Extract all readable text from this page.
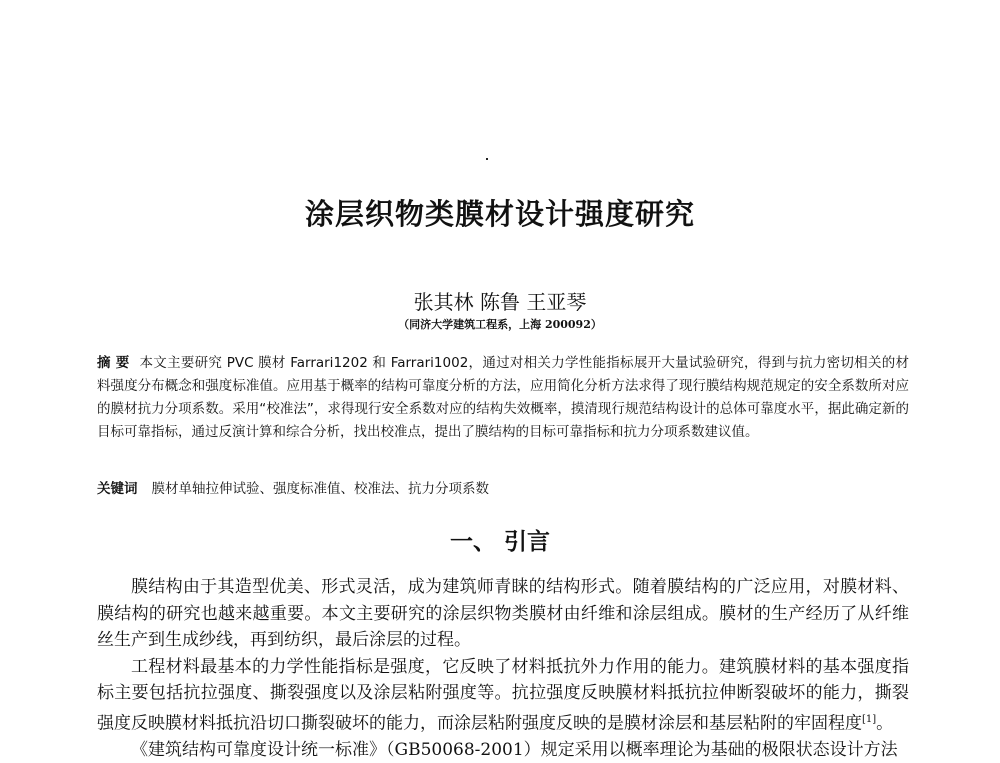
涂层织物类膜材设计强度研究
张其林 陈鲁 王亚琴
（同济大学建筑工程系，上海 200092）
摘 要 本文主要研究 PVC 膜材 Farrari1202 和 Farrari1002，通过对相关力学性能指标展开大量试验研究，得到与抗力密切相关的材料强度分布概念和强度标准值。应用基于概率的结构可靠度分析的方法，应用简化分析方法求得了现行膜结构规范规定的安全系数所对应的膜材抗力分项系数。采用“校准法”，求得现行安全系数对应的结构失效概率，摸清现行规范结构设计的总体可靠度水平，据此确定新的目标可靠指标，通过反演计算和综合分析，找出校准点，提出了膜结构的目标可靠指标和抗力分项系数建议值。
关键词 膜材单轴拉伸试验、强度标准值、校准法、抗力分项系数
一、 引言

膜结构由于其造型优美、形式灵活，成为建筑师青睐的结构形式。随着膜结构的广泛应用，对膜材料、膜结构的研究也越来越重要。本文主要研究的涂层织物类膜材由纤维和涂层组成。膜材的生产经历了从纤维丝生产到生成纱线，再到纺织，最后涂层的过程。

工程材料最基本的力学性能指标是强度，它反映了材料抵抗外力作用的能力。建筑膜材料的基本强度指标主要包括抗拉强度、撕裂强度以及涂层粘附强度等。抗拉强度反映膜材料抵抗拉伸断裂破坏的能力，撕裂强度反映膜材料抵抗沿切口撕裂破坏的能力，而涂层粘附强度反映的是膜材涂层和基层粘附的牢固程度[1]。

《建筑结构可靠度设计统一标准》（GB50068-2001）规定采用以概率理论为基础的极限状态设计方法
